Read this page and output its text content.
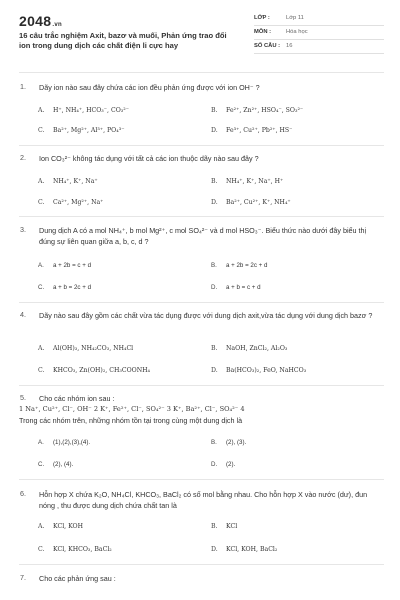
2048.vn
16 câu trắc nghiệm Axit, bazơ và muối, Phản ứng trao đổi ion trong dung dịch các chất điện li cực hay
LỚP :	Lớp 11
MÔN :	Hóa học
SỐ CÂU : 16
1. Dãy ion nào sau đây chứa các ion đều phản ứng được với ion OH⁻ ?
A. H⁺, NH₄⁺, HCO₃⁻, CO₃²⁻	B. Fe²⁺, Zn²⁺, HSO₄⁻, SO₃²⁻
C. Ba²⁺, Mg²⁺, Al³⁺, PO₄³⁻	D. Fe³⁺, Cu²⁺, Pb²⁺, HS⁻
2. Ion CO₃²⁻ không tác dụng với tất cả các ion thuộc dãy nào sau đây ?
A. NH₄⁺, K⁺, Na⁺	B. NH₄⁺, K⁺, Na⁺, H⁺
C. Ca²⁺, Mg²⁺, Na⁺	D. Ba²⁺, Cu²⁺, K⁺, NH₄⁺
3. Dung dịch A có a mol NH₄⁺, b mol Mg²⁺, c mol SO₄²⁻ và d mol HSO₃⁻. Biểu thức nào dưới đây biểu thị đúng sự liên quan giữa a, b, c, d ?
A. a + 2b = c + d	B. a + 2b = 2c + d
C. a + b = 2c + d	D. a + b = c + d
4. Dãy nào sau đây gồm các chất vừa tác dụng được với dung dịch axit,vừa tác dụng với dung dịch bazơ ?
A. Al(OH)₃, NH₄₂CO₃, NH₄Cl	B. NaOH, ZnCl₂, Al₂O₃
C. KHCO₃, Zn(OH)₂, CH₃COONH₄	D. Ba(HCO₃)₂, FeO, NaHCO₃
5. Cho các nhóm ion sau :
1 Na⁺, Cu²⁺, Cl⁻, OH⁻ 2 K⁺, Fe²⁺, Cl⁻, SO₄²⁻ 3 K⁺, Ba²⁺, Cl⁻, SO₄²⁻ 4
Trong các nhóm trên, những nhóm tồn tại trong cùng một dung dịch là
A. (1),(2),(3),(4).	B. (2), (3).
C. (2), (4).	D. (2).
6. Hỗn hợp X chứa K₂O, NH₄Cl, KHCO₃, BaCl₂ có số mol bằng nhau. Cho hỗn hợp X vào nước (dư), đun nóng , thu được dung dịch chứa chất tan là
A. KCl, KOH	B. KCl
C. KCl, KHCO₃, BaCl₂	D. KCl, KOH, BaCl₂
7. Cho các phản ứng sau :
